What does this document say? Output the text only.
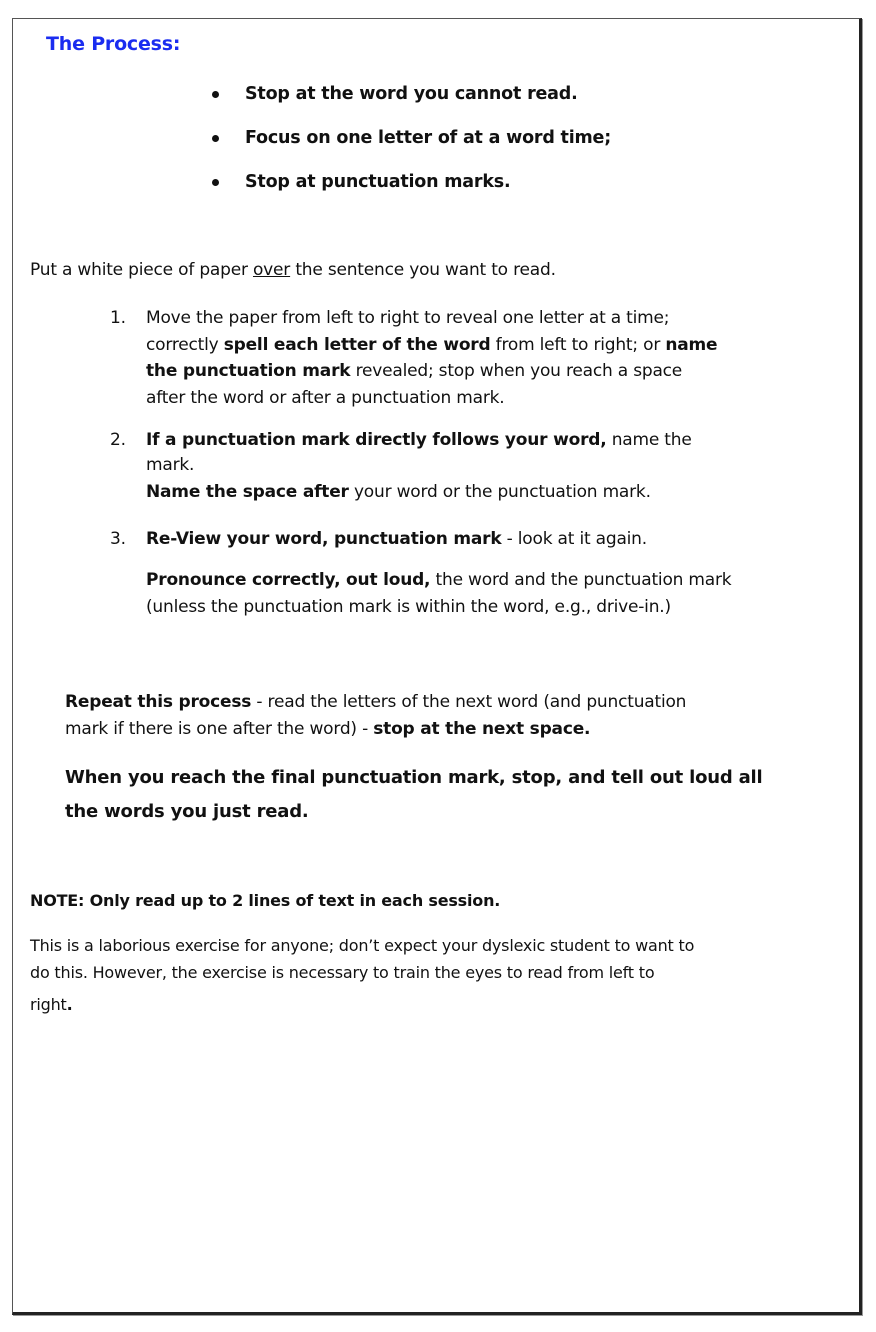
The Process:
Stop at the word you cannot read.
Focus on one letter of at a word time;
Stop at punctuation marks.
Put a white piece of paper over the sentence you want to read.
1. Move the paper from left to right to reveal one letter at a time;
correctly spell each letter of the word from left to right; or name
the punctuation mark revealed; stop when you reach a space
after the word or after a punctuation mark.
2. If a punctuation mark directly follows your word, name the
mark.
Name the space after your word or the punctuation mark.
3. Re-View your word, punctuation mark - look at it again.
Pronounce correctly, out loud, the word and the punctuation mark
(unless the punctuation mark is within the word, e.g., drive-in.)
Repeat this process - read the letters of the next word (and punctuation
mark if there is one after the word) - stop at the next space.
When you reach the final punctuation mark, stop, and tell out loud all
the words you just read.
NOTE: Only read up to 2 lines of text in each session.
This is a laborious exercise for anyone; don’t expect your dyslexic student to want to
do this. However, the exercise is necessary to train the eyes to read from left to
right.
